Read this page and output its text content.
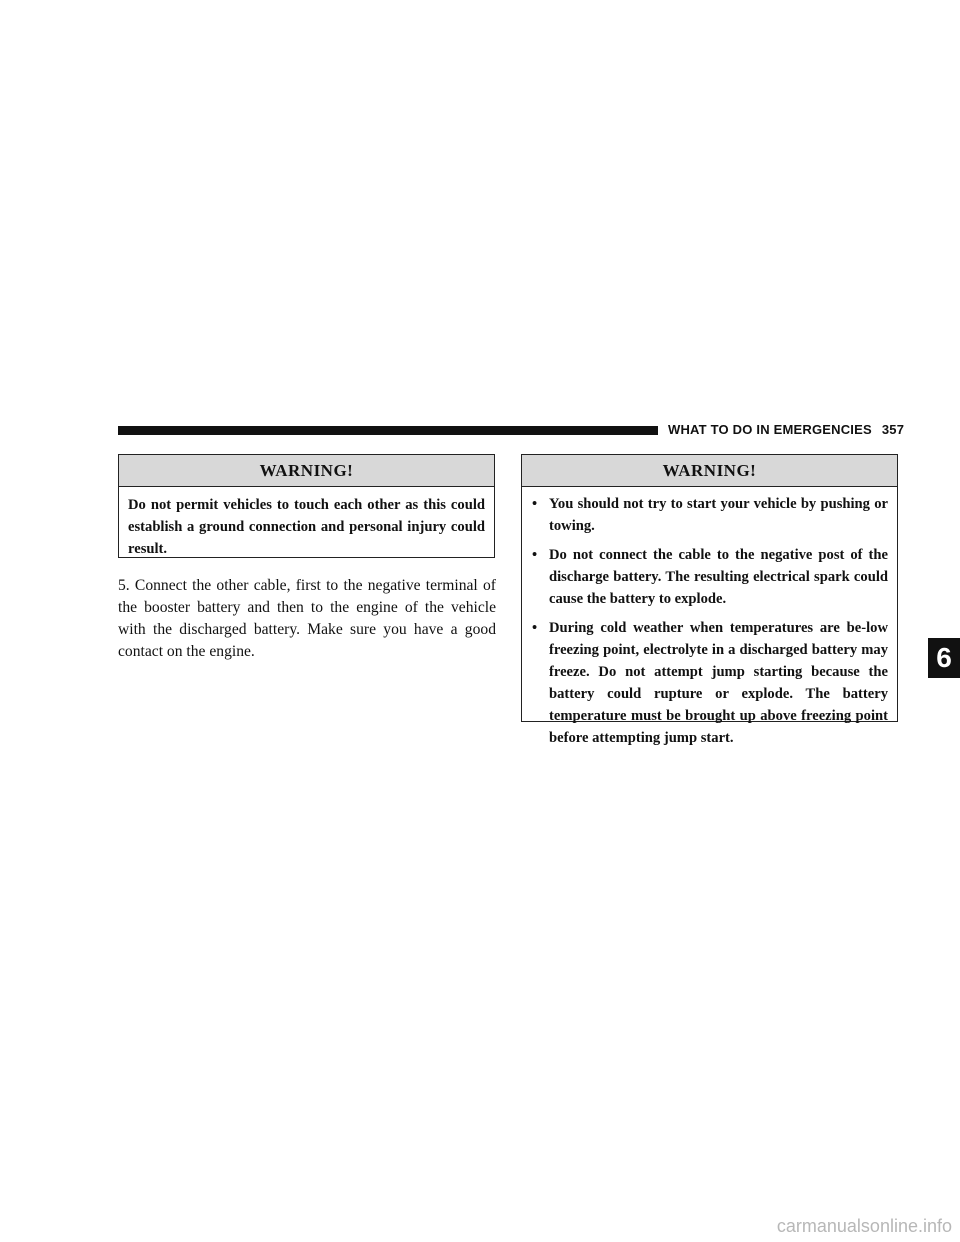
WHAT TO DO IN EMERGENCIES 357
WARNING!
Do not permit vehicles to touch each other as this could establish a ground connection and personal injury could result.
5. Connect the other cable, first to the negative terminal of the booster battery and then to the engine of the vehicle with the discharged battery. Make sure you have a good contact on the engine.
WARNING!
• You should not try to start your vehicle by pushing or towing.
• Do not connect the cable to the negative post of the discharge battery. The resulting electrical spark could cause the battery to explode.
• During cold weather when temperatures are be-low freezing point, electrolyte in a discharged battery may freeze. Do not attempt jump starting because the battery could rupture or explode. The battery temperature must be brought up above freezing point before attempting jump start.
6
carmanualsonline.info
